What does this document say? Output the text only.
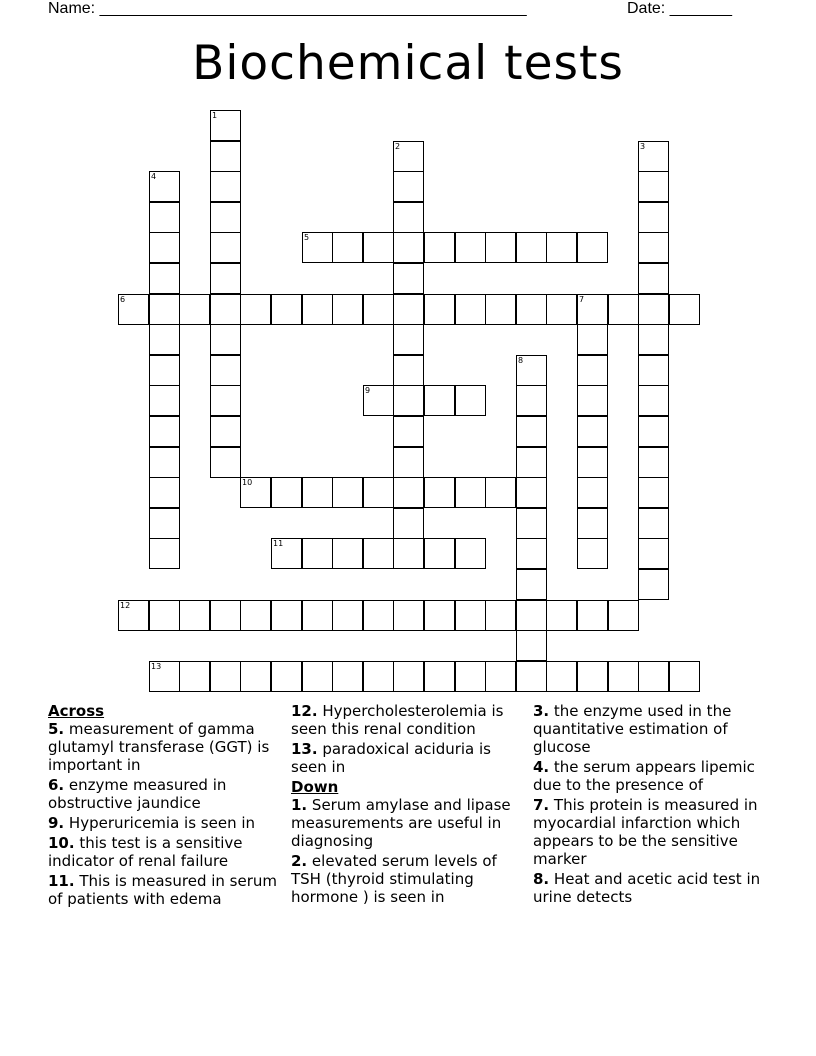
Name: ________________________________________________	Date: _______
Biochemical tests
1
2	3
4
5
6	7
8
9
10
11
12
13
Across
5. measurement of gamma glutamyl transferase (GGT) is important in
6. enzyme measured in obstructive jaundice
9. Hyperuricemia is seen in
10. this test is a sensitive indicator of renal failure
11. This is measured in serum of patients with edema
12. Hypercholesterolemia is seen this renal condition
13. paradoxical aciduria is seen in
Down
1. Serum amylase and lipase measurements are useful in diagnosing
2. elevated serum levels of TSH (thyroid stimulating hormone ) is seen in
3. the enzyme used in the quantitative estimation of glucose
4. the serum appears lipemic due to the presence of
7. This protein is measured in myocardial infarction which appears to be the sensitive marker
8. Heat and acetic acid test in urine detects
